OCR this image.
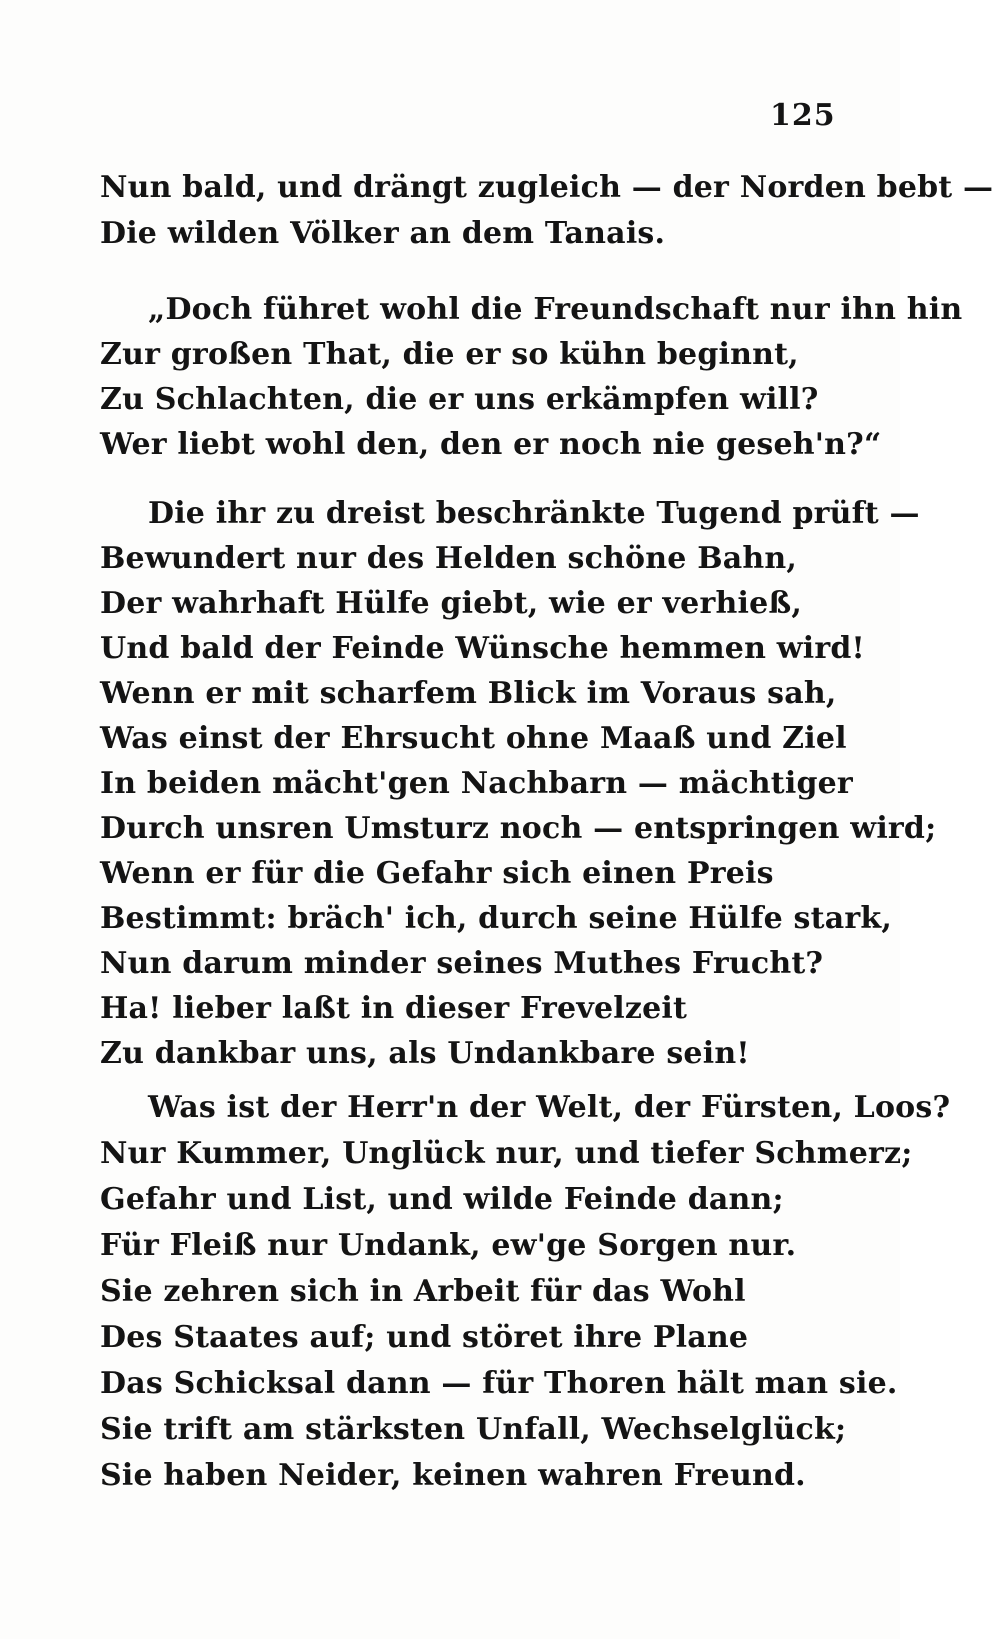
125
Nun bald, und drängt zugleich — der Norden bebt —
Die wilden Völker an dem Tanais.
„Doch führet wohl die Freundschaft nur ihn hin
Zur großen That, die er so kühn beginnt,
Zu Schlachten, die er uns erkämpfen will?
Wer liebt wohl den, den er noch nie geseh'n?“
Die ihr zu dreist beschränkte Tugend prüft —
Bewundert nur des Helden schöne Bahn,
Der wahrhaft Hülfe giebt, wie er verhieß,
Und bald der Feinde Wünsche hemmen wird!
Wenn er mit scharfem Blick im Voraus sah,
Was einst der Ehrsucht ohne Maaß und Ziel
In beiden mächt'gen Nachbarn — mächtiger
Durch unsren Umsturz noch — entspringen wird;
Wenn er für die Gefahr sich einen Preis
Bestimmt: bräch' ich, durch seine Hülfe stark,
Nun darum minder seines Muthes Frucht?
Ha! lieber laßt in dieser Frevelzeit
Zu dankbar uns, als Undankbare sein!
Was ist der Herr'n der Welt, der Fürsten, Loos?
Nur Kummer, Unglück nur, und tiefer Schmerz;
Gefahr und List, und wilde Feinde dann;
Für Fleiß nur Undank, ew'ge Sorgen nur.
Sie zehren sich in Arbeit für das Wohl
Des Staates auf; und störet ihre Plane
Das Schicksal dann — für Thoren hält man sie.
Sie trift am stärksten Unfall, Wechselglück;
Sie haben Neider, keinen wahren Freund.
